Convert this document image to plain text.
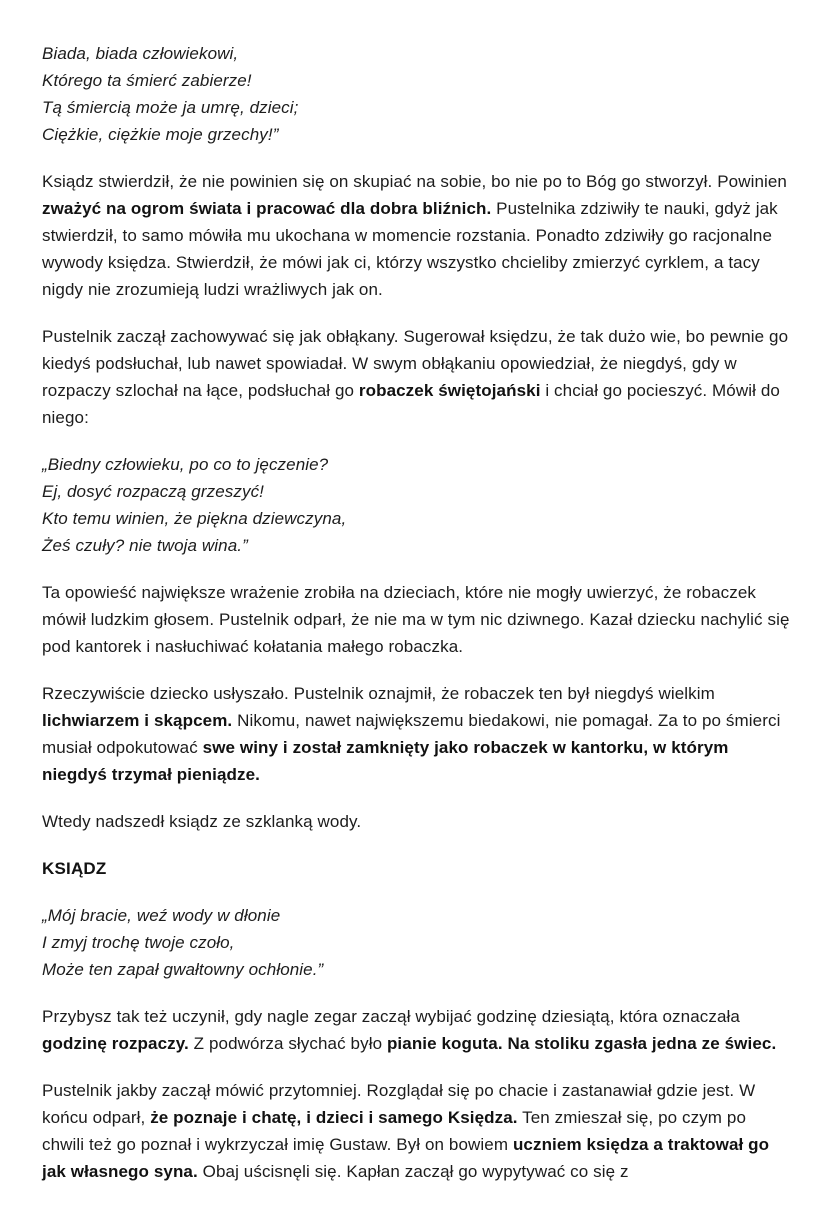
Biada, biada człowiekowi,
Którego ta śmierć zabierze!
Tą śmiercią może ja umrę, dzieci;
Ciężkie, ciężkie moje grzechy!”

Ksiądz stwierdził, że nie powinien się on skupiać na sobie, bo nie po to Bóg go stworzył. Powinien zważyć na ogrom świata i pracować dla dobra bliźnich. Pustelnika zdziwiły te nauki, gdyż jak stwierdził, to samo mówiła mu ukochana w momencie rozstania. Ponadto zdziwiły go racjonalne wywody księdza. Stwierdził, że mówi jak ci, którzy wszystko chcieliby zmierzyć cyrklem, a tacy nigdy nie zrozumieją ludzi wrażliwych jak on.

Pustelnik zaczął zachowywać się jak obłąkany. Sugerował księdzu, że tak dużo wie, bo pewnie go kiedyś podsłuchał, lub nawet spowiadał. W swym obłąkaniu opowiedział, że niegdyś, gdy w rozpaczy szlochał na łące, podsłuchał go robaczek świętojański i chciał go pocieszyć. Mówił do niego:

„Biedny człowieku, po co to jęczenie?
Ej, dosyć rozpaczą grzeszyć!
Kto temu winien, że piękna dziewczyna,
Żeś czuły? nie twoja wina.”

Ta opowieść największe wrażenie zrobiła na dzieciach, które nie mogły uwierzyć, że robaczek mówił ludzkim głosem. Pustelnik odparł, że nie ma w tym nic dziwnego. Kazał dziecku nachylić się pod kantorek i nasłuchiwać kołatania małego robaczka.

Rzeczywiście dziecko usłyszało. Pustelnik oznajmił, że robaczek ten był niegdyś wielkim lichwiarzem i skąpcem. Nikomu, nawet największemu biedakowi, nie pomagał. Za to po śmierci musiał odpokutować swe winy i został zamknięty jako robaczek w kantorku, w którym niegdyś trzymał pieniądze.

Wtedy nadszedł ksiądz ze szklanką wody.

KSIĄDZ
„Mój bracie, weź wody w dłonie
I zmyj trochę twoje czoło,
Może ten zapał gwałtowny ochłonie.”

Przybysz tak też uczynił, gdy nagle zegar zaczął wybijać godzinę dziesiątą, która oznaczała godzinę rozpaczy. Z podwórza słychać było pianie koguta. Na stoliku zgasła jedna ze świec.

Pustelnik jakby zaczął mówić przytomniej. Rozglądał się po chacie i zastanawiał gdzie jest. W końcu odparł, że poznaje i chatę, i dzieci i samego Księdza. Ten zmieszał się, po czym po chwili też go poznał i wykrzyczał imię Gustaw. Był on bowiem uczniem księdza a traktował go jak własnego syna. Obaj uścisnęli się. Kapłan zaczął go wypytywać co się z
